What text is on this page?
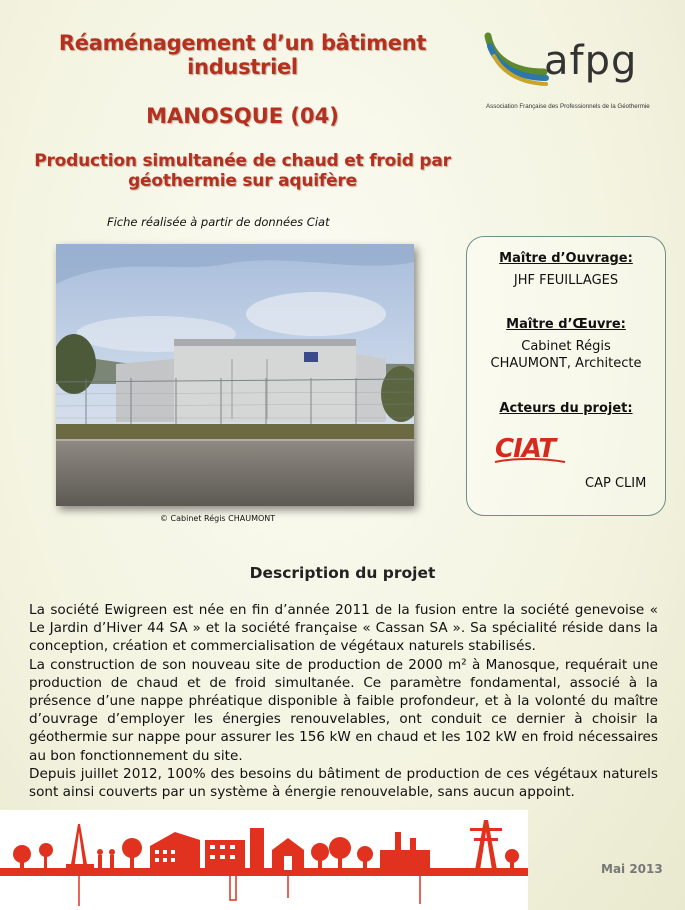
Réaménagement d’un bâtiment industriel
MANOSQUE (04)
Production simultanée de chaud et froid par géothermie sur aquifère
Fiche réalisée à partir de données Ciat
afpg
Association Française des Professionnels de la Géothermie
© Cabinet Régis CHAUMONT
Maître d’Ouvrage:
JHF FEUILLAGES
Maître d’Œuvre:
Cabinet Régis
CHAUMONT, Architecte
Acteurs du projet:
CIAT
CAP CLIM
Description du projet

La société Ewigreen est née en fin d’année 2011 de la fusion entre la société genevoise « Le Jardin d’Hiver 44 SA » et la société française « Cassan SA ». Sa spécialité réside dans la conception, création et commercialisation de végétaux naturels stabilisés.

La construction de son nouveau site de production de 2000 m² à Manosque, requérait une production de chaud et de froid simultanée. Ce paramètre fondamental, associé à la présence d’une nappe phréatique disponible à faible profondeur, et à la volonté du maître d’ouvrage d’employer les énergies renouvelables, ont conduit ce dernier à choisir la géothermie sur nappe pour assurer les 156 kW en chaud et les 102 kW en froid nécessaires au bon fonctionnement du site.

Depuis juillet 2012, 100% des besoins du bâtiment de production de ces végétaux naturels sont ainsi couverts par un système à énergie renouvelable, sans aucun appoint.

Mai 2013
